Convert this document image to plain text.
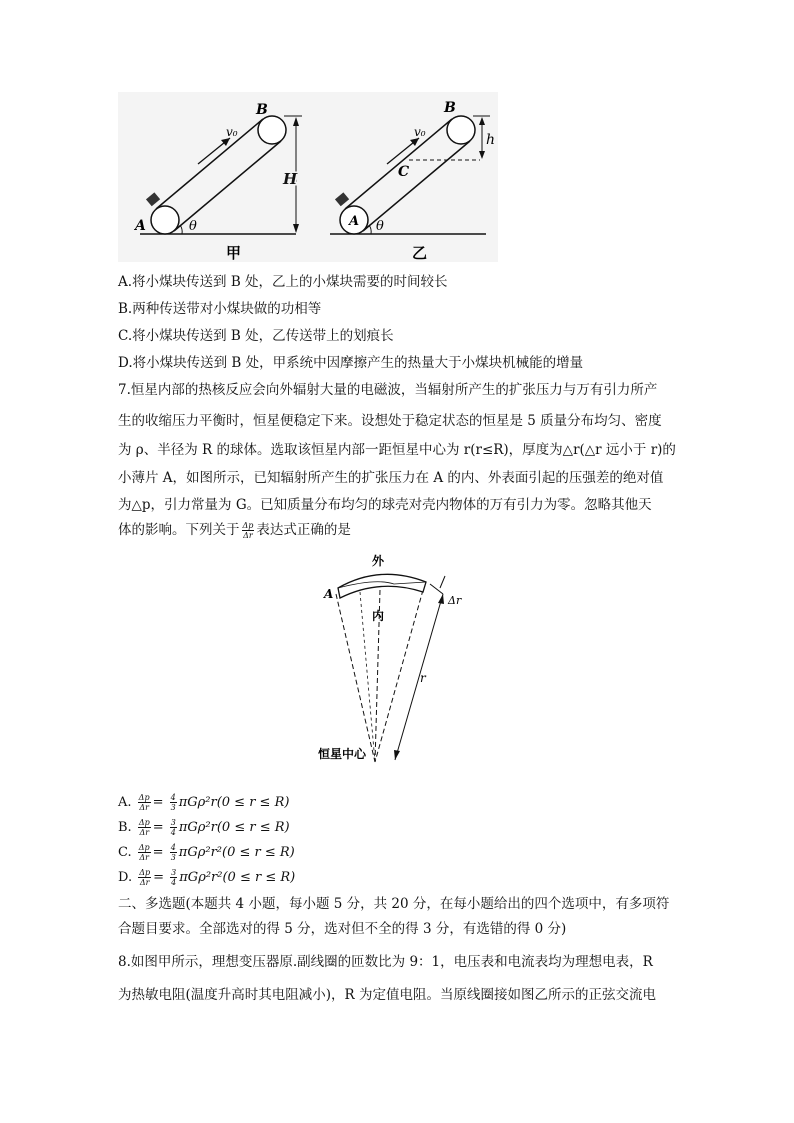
v₀
B
A	θ
H
甲
v₀
B
A
C
θ
h
乙
A.将小煤块传送到 B 处，乙上的小煤块需要的时间较长
B.两种传送带对小煤块做的功相等
C.将小煤块传送到 B 处，乙传送带上的划痕长
D.将小煤块传送到 B 处，甲系统中因摩擦产生的热量大于小煤块机械能的增量
7.恒星内部的热核反应会向外辐射大量的电磁波，当辐射所产生的扩张压力与万有引力所产
生的收缩压力平衡时，恒星便稳定下来。设想处于稳定状态的恒星是 5 质量分布均匀、密度
为 ρ、半径为 R 的球体。选取该恒星内部一距恒星中心为 r(r≤R)，厚度为△r(△r 远小于 r)的
小薄片 A，如图所示，已知辐射所产生的扩张压力在 A 的内、外表面引起的压强差的绝对值
为△p，引力常量为 G。已知质量分布均匀的球壳对壳内物体的万有引力为零。忽略其他天
体的影响。下列关于 $\frac{\Delta p}{\Delta r}$ 表达式正确的是
外
内
A	Δr
r
恒星中心
A. $\frac{\Delta p}{\Delta r} = \frac{4}{3} \pi G\rho^2r(0 \le r \le R)$
B. $\frac{\Delta p}{\Delta r} = \frac{3}{4} \pi G\rho^2r(0 \le r \le R)$
C. $\frac{\Delta p}{\Delta r} = \frac{4}{3} \pi G\rho^2r^2(0 \le r \le R)$
D. $\frac{\Delta p}{\Delta r} = \frac{3}{4} \pi G\rho^2r^2(0 \le r \le R)$
二、多选题(本题共 4 小题，每小题 5 分，共 20 分，在每小题给出的四个选项中，有多项符
合题目要求。全部选对的得 5 分，选对但不全的得 3 分，有选错的得 0 分)
8.如图甲所示，理想变压器原.副线圈的匝数比为 9：1，电压表和电流表均为理想电表，R
为热敏电阻(温度升高时其电阻减小)，R 为定值电阻。当原线圈接如图乙所示的正弦交流电
